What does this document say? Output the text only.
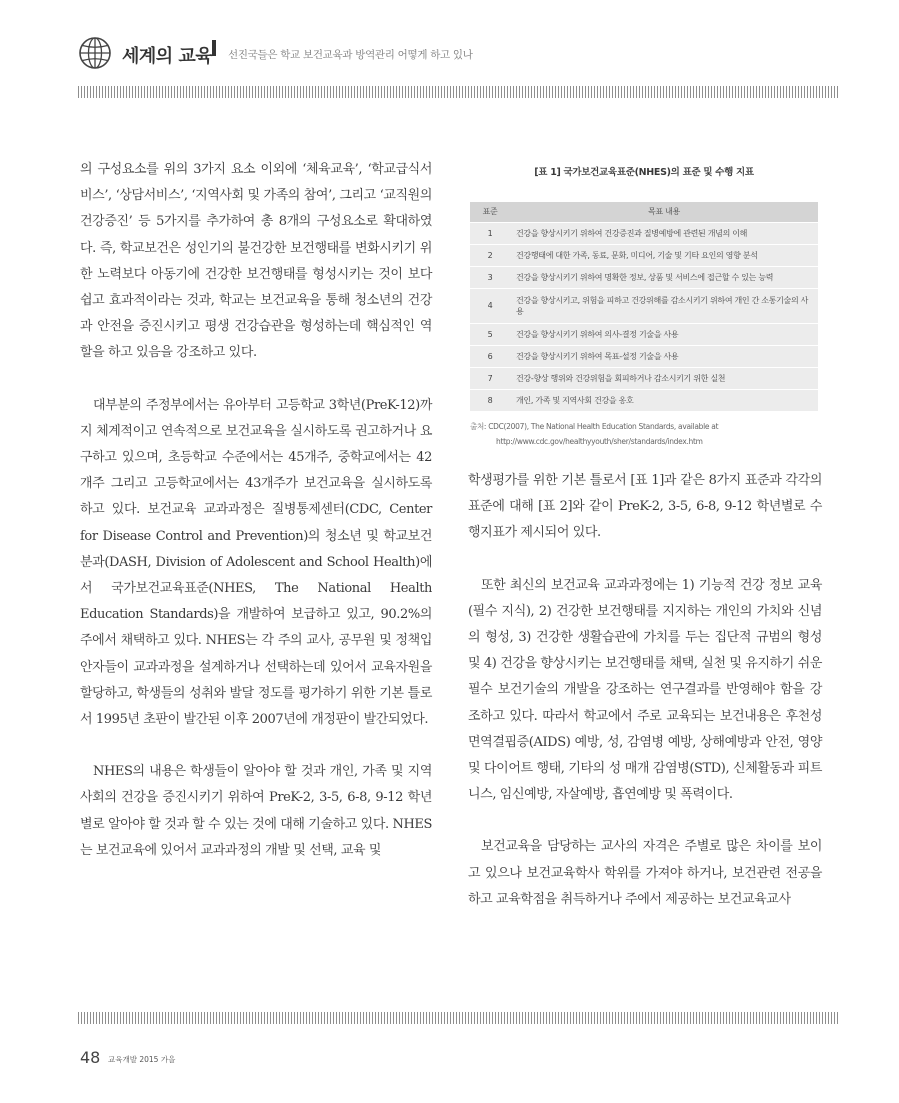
세계의 교육 선진국들은 학교 보건교육과 방역관리 어떻게 하고 있나

의 구성요소를 위의 3가지 요소 이외에 ‘체육교육’, ‘학교급식서비스’, ‘상담서비스’, ‘지역사회 및 가족의 참여’, 그리고 ‘교직원의 건강증진’ 등 5가지를 추가하여 총 8개의 구성요소로 확대하였다. 즉, 학교보건은 성인기의 불건강한 보건행태를 변화시키기 위한 노력보다 아동기에 건강한 보건행태를 형성시키는 것이 보다 쉽고 효과적이라는 것과, 학교는 보건교육을 통해 청소년의 건강과 안전을 증진시키고 평생 건강습관을 형성하는데 핵심적인 역할을 하고 있음을 강조하고 있다.

대부분의 주정부에서는 유아부터 고등학교 3학년(PreK-12)까지 체계적이고 연속적으로 보건교육을 실시하도록 권고하거나 요구하고 있으며, 초등학교 수준에서는 45개주, 중학교에서는 42개주 그리고 고등학교에서는 43개주가 보건교육을 실시하도록 하고 있다. 보건교육 교과과정은 질병통제센터(CDC, Center for Disease Control and Prevention)의 청소년 및 학교보건 분과(DASH, Division of Adolescent and School Health)에서 국가보건교육표준(NHES, The National Health Education Standards)을 개발하여 보급하고 있고, 90.2%의 주에서 채택하고 있다. NHES는 각 주의 교사, 공무원 및 정책입안자들이 교과과정을 설계하거나 선택하는데 있어서 교육자원을 할당하고, 학생들의 성취와 발달 정도를 평가하기 위한 기본 틀로서 1995년 초판이 발간된 이후 2007년에 개정판이 발간되었다.

NHES의 내용은 학생들이 알아야 할 것과 개인, 가족 및 지역사회의 건강을 증진시키기 위하여 PreK-2, 3-5, 6-8, 9-12 학년별로 알아야 할 것과 할 수 있는 것에 대해 기술하고 있다. NHES는 보건교육에 있어서 교과과정의 개발 및 선택, 교육 및

[표 1] 국가보건교육표준(NHES)의 표준 및 수행 지표
표준	목표 내용
1	건강을 향상시키기 위하여 건강증진과 질병예방에 관련된 개념의 이해
2	건강행태에 대한 가족, 동료, 문화, 미디어, 기술 및 기타 요인의 영향 분석
3	건강을 향상시키기 위하여 명확한 정보, 상품 및 서비스에 접근할 수 있는 능력
4	건강을 향상시키고, 위험을 피하고 건강위해를 감소시키기 위하여 개인 간 소통기술의 사용
5	건강을 향상시키기 위하여 의사-결정 기술을 사용
6	건강을 향상시키기 위하여 목표-설정 기술을 사용
7	건강-향상 행위와 건강위험을 회피하거나 감소시키기 위한 실천
8	개인, 가족 및 지역사회 건강을 옹호
출처: CDC(2007), The National Health Education Standards, available at
http://www.cdc.gov/healthyyouth/sher/standards/index.htm

학생평가를 위한 기본 틀로서 [표 1]과 같은 8가지 표준과 각각의 표준에 대해 [표 2]와 같이 PreK-2, 3-5, 6-8, 9-12 학년별로 수행지표가 제시되어 있다.

또한 최신의 보건교육 교과과정에는 1) 기능적 건강 정보 교육(필수 지식), 2) 건강한 보건행태를 지지하는 개인의 가치와 신념의 형성, 3) 건강한 생활습관에 가치를 두는 집단적 규범의 형성 및 4) 건강을 향상시키는 보건행태를 채택, 실천 및 유지하기 쉬운 필수 보건기술의 개발을 강조하는 연구결과를 반영해야 함을 강조하고 있다. 따라서 학교에서 주로 교육되는 보건내용은 후천성면역결핍증(AIDS) 예방, 성, 감염병 예방, 상해예방과 안전, 영양 및 다이어트 행태, 기타의 성 매개 감염병(STD), 신체활동과 피트니스, 임신예방, 자살예방, 흡연예방 및 폭력이다.

보건교육을 담당하는 교사의 자격은 주별로 많은 차이를 보이고 있으나 보건교육학사 학위를 가져야 하거나, 보건관련 전공을 하고 교육학점을 취득하거나 주에서 제공하는 보건교육교사

48 교육개발 2015 가을
